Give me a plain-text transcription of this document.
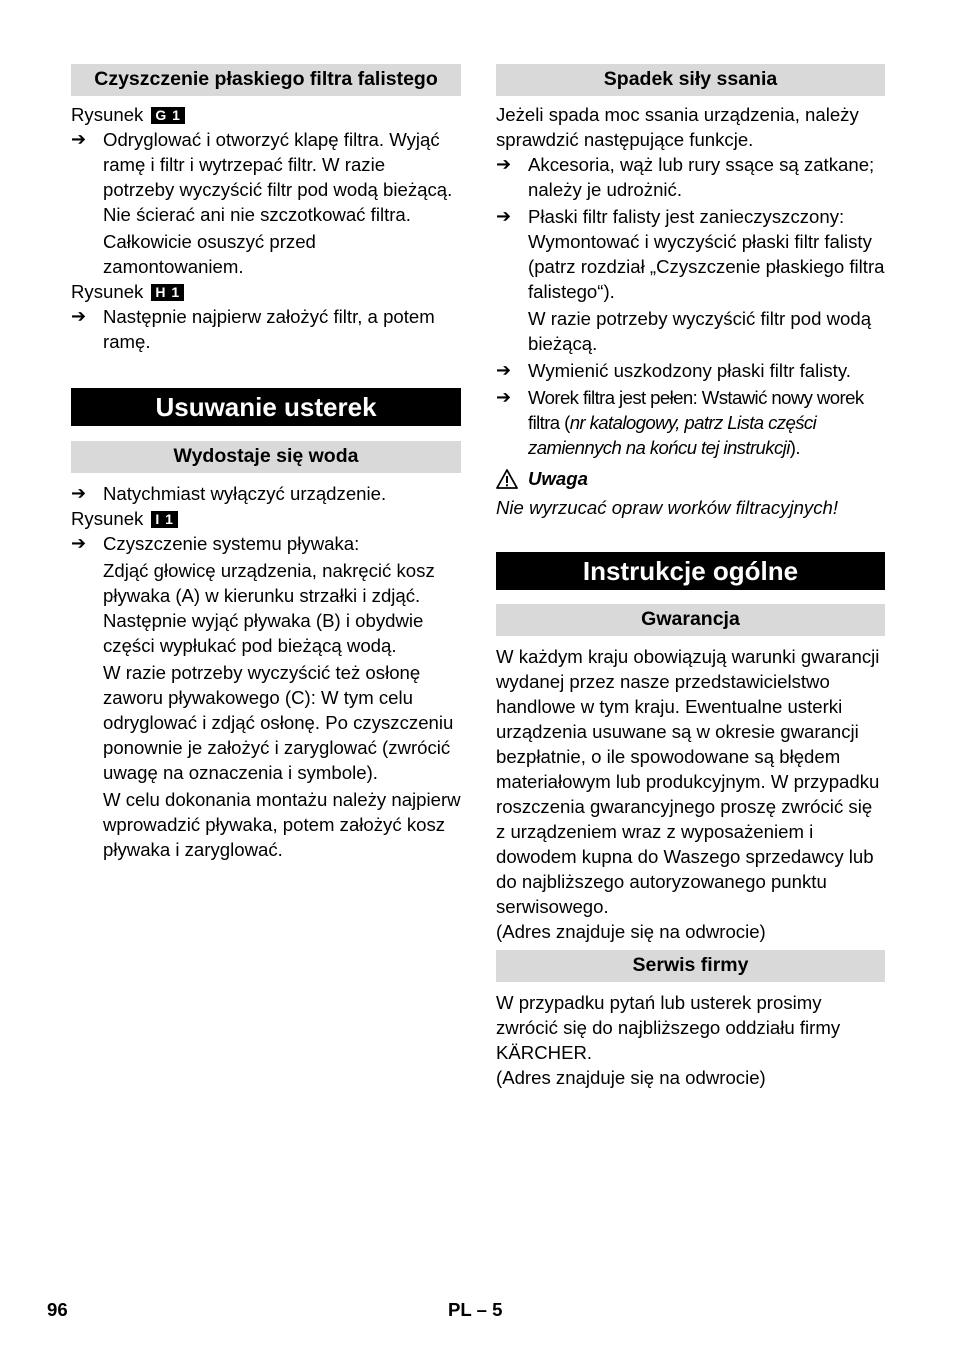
Czyszczenie płaskiego filtra falistego

Rysunek G 1

➔ Odryglować i otworzyć klapę filtra. Wyjąć ramę i filtr i wytrzepać filtr. W razie potrzeby wyczyścić filtr pod wodą bieżącą. Nie ścierać ani nie szczotkować filtra.

Całkowicie osuszyć przed zamontowaniem.

Rysunek H 1

➔ Następnie najpierw założyć filtr, a potem ramę.
Usuwanie usterek
Wydostaje się woda
➔ Natychmiast wyłączyć urządzenie.

Rysunek I 1

➔ Czyszczenie systemu pływaka:

Zdjąć głowicę urządzenia, nakręcić kosz pływaka (A) w kierunku strzałki i zdjąć. Następnie wyjąć pływaka (B) i obydwie części wypłukać pod bieżącą wodą.

W razie potrzeby wyczyścić też osłonę zaworu pływakowego (C): W tym celu odryglować i zdjąć osłonę. Po czyszczeniu ponownie je założyć i zaryglować (zwrócić uwagę na oznaczenia i symbole).

W celu dokonania montażu należy najpierw wprowadzić pływaka, potem założyć kosz pływaka i zaryglować.

Spadek siły ssania

Jeżeli spada moc ssania urządzenia, należy sprawdzić następujące funkcje.

➔ Akcesoria, wąż lub rury ssące są zatkane; należy je udrożnić.
➔ Płaski filtr falisty jest zanieczyszczony:

Wymontować i wyczyścić płaski filtr falisty (patrz rozdział „Czyszczenie płaskiego filtra falistego“).

W razie potrzeby wyczyścić filtr pod wodą bieżącą.

➔ Wymienić uszkodzony płaski filtr falisty.
➔ Worek filtra jest pełen: Wstawić nowy worek filtra (nr katalogowy, patrz Lista części zamiennych na końcu tej instrukcji).
Uwaga

Nie wyrzucać opraw worków filtracyjnych!

Instrukcje ogólne
Gwarancja

W każdym kraju obowiązują warunki gwarancji wydanej przez nasze przedstawicielstwo handlowe w tym kraju. Ewentualne usterki urządzenia usuwane są w okresie gwarancji bezpłatnie, o ile spowodowane są błędem materiałowym lub produkcyjnym. W przypadku roszczenia gwarancyjnego proszę zwrócić się z urządzeniem wraz z wyposażeniem i dowodem kupna do Waszego sprzedawcy lub do najbliższego autoryzowanego punktu serwisowego.

(Adres znajduje się na odwrocie)

Serwis firmy

W przypadku pytań lub usterek prosimy zwrócić się do najbliższego oddziału firmy KÄRCHER.

(Adres znajduje się na odwrocie)

96	PL – 5
